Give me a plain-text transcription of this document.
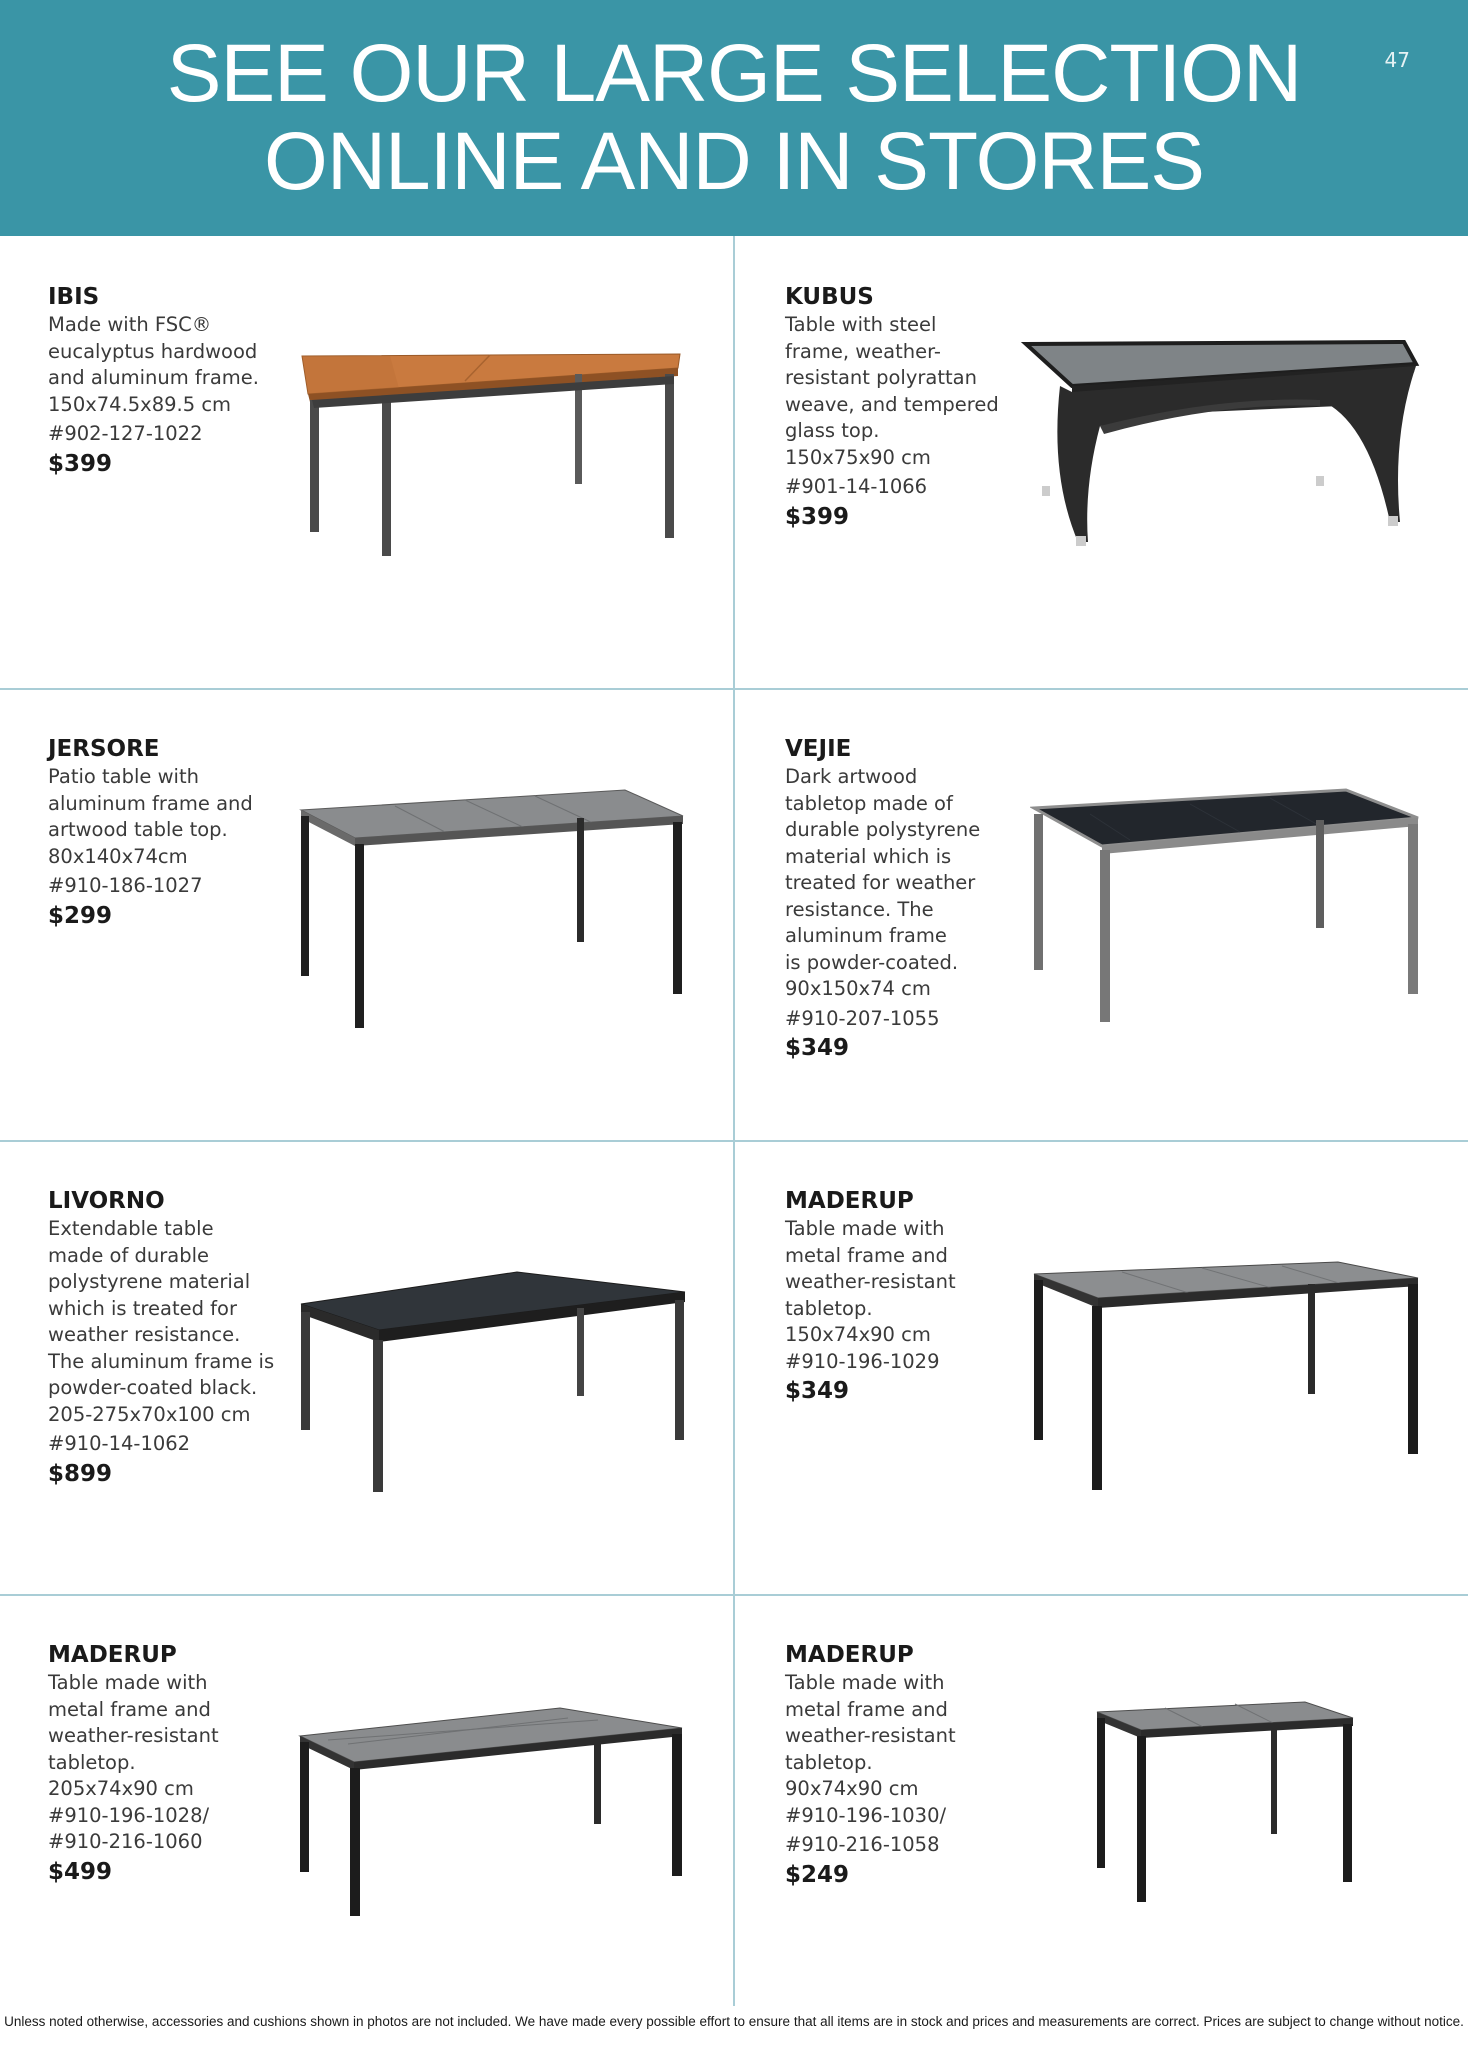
SEE OUR LARGE SELECTION
ONLINE AND IN STORES
47
IBIS
Made with FSC®
eucalyptus hardwood
and aluminum frame.
150x74.5x89.5 cm
#902-127-1022
$399
KUBUS
Table with steel
frame, weather-
resistant polyrattan
weave, and tempered
glass top.
150x75x90 cm
#901-14-1066
$399
JERSORE
Patio table with
aluminum frame and
artwood table top.
80x140x74cm
#910-186-1027
$299
VEJIE
Dark artwood
tabletop made of
durable polystyrene
material which is
treated for weather
resistance. The
aluminum frame
is powder-coated.
90x150x74 cm
#910-207-1055
$349
LIVORNO
Extendable table
made of durable
polystyrene material
which is treated for
weather resistance.
The aluminum frame is
powder-coated black.
205-275x70x100 cm
#910-14-1062
$899
MADERUP
Table made with
metal frame and
weather-resistant
tabletop.
150x74x90 cm
#910-196-1029
$349
MADERUP
Table made with
metal frame and
weather-resistant
tabletop.
205x74x90 cm
#910-196-1028/
#910-216-1060
$499
MADERUP
Table made with
metal frame and
weather-resistant
tabletop.
90x74x90 cm
#910-196-1030/
#910-216-1058
$249
Unless noted otherwise, accessories and cushions shown in photos are not included. We have made every possible effort to ensure that all items are in stock and prices and measurements are correct. Prices are subject to change without notice.
